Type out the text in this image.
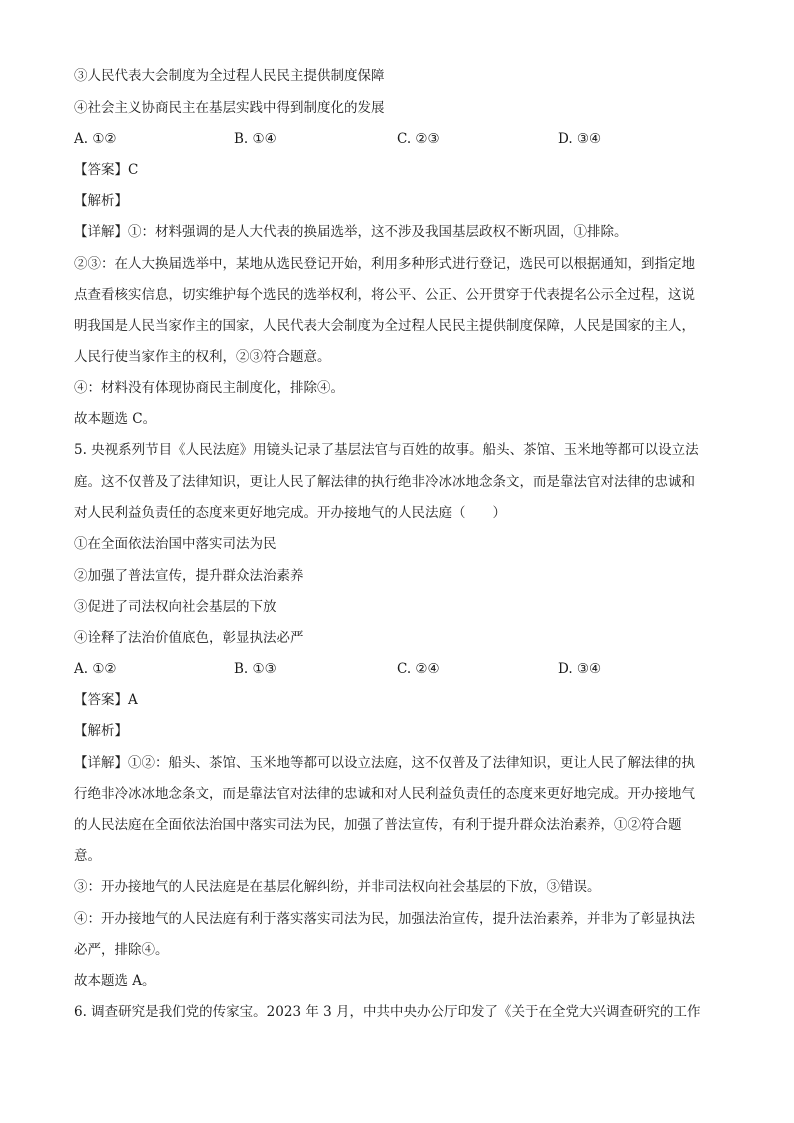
③人民代表大会制度为全过程人民民主提供制度保障
④社会主义协商民主在基层实践中得到制度化的发展
A. ①②	B. ①④	C. ②③	D. ③④
【答案】C
【解析】
【详解】①：材料强调的是人大代表的换届选举，这不涉及我国基层政权不断巩固，①排除。
②③：在人大换届选举中，某地从选民登记开始，利用多种形式进行登记，选民可以根据通知，到指定地
点查看核实信息，切实维护每个选民的选举权利，将公平、公正、公开贯穿于代表提名公示全过程，这说
明我国是人民当家作主的国家，人民代表大会制度为全过程人民民主提供制度保障，人民是国家的主人，
人民行使当家作主的权利，②③符合题意。
④：材料没有体现协商民主制度化，排除④。
故本题选 C。
5. 央视系列节目《人民法庭》用镜头记录了基层法官与百姓的故事。船头、茶馆、玉米地等都可以设立法
庭。这不仅普及了法律知识，更让人民了解法律的执行绝非冷冰冰地念条文，而是靠法官对法律的忠诚和
对人民利益负责任的态度来更好地完成。开办接地气的人民法庭（　　）
①在全面依法治国中落实司法为民
②加强了普法宣传，提升群众法治素养
③促进了司法权向社会基层的下放
④诠释了法治价值底色，彰显执法必严
A. ①②	B. ①③	C. ②④	D. ③④
【答案】A
【解析】
【详解】①②：船头、茶馆、玉米地等都可以设立法庭，这不仅普及了法律知识，更让人民了解法律的执
行绝非冷冰冰地念条文，而是靠法官对法律的忠诚和对人民利益负责任的态度来更好地完成。开办接地气
的人民法庭在全面依法治国中落实司法为民，加强了普法宣传，有利于提升群众法治素养，①②符合题
意。
③：开办接地气的人民法庭是在基层化解纠纷，并非司法权向社会基层的下放，③错误。
④：开办接地气的人民法庭有利于落实落实司法为民，加强法治宣传，提升法治素养，并非为了彰显执法
必严，排除④。
故本题选 A。
6. 调查研究是我们党的传家宝。2023 年 3 月，中共中央办公厅印发了《关于在全党大兴调查研究的工作
